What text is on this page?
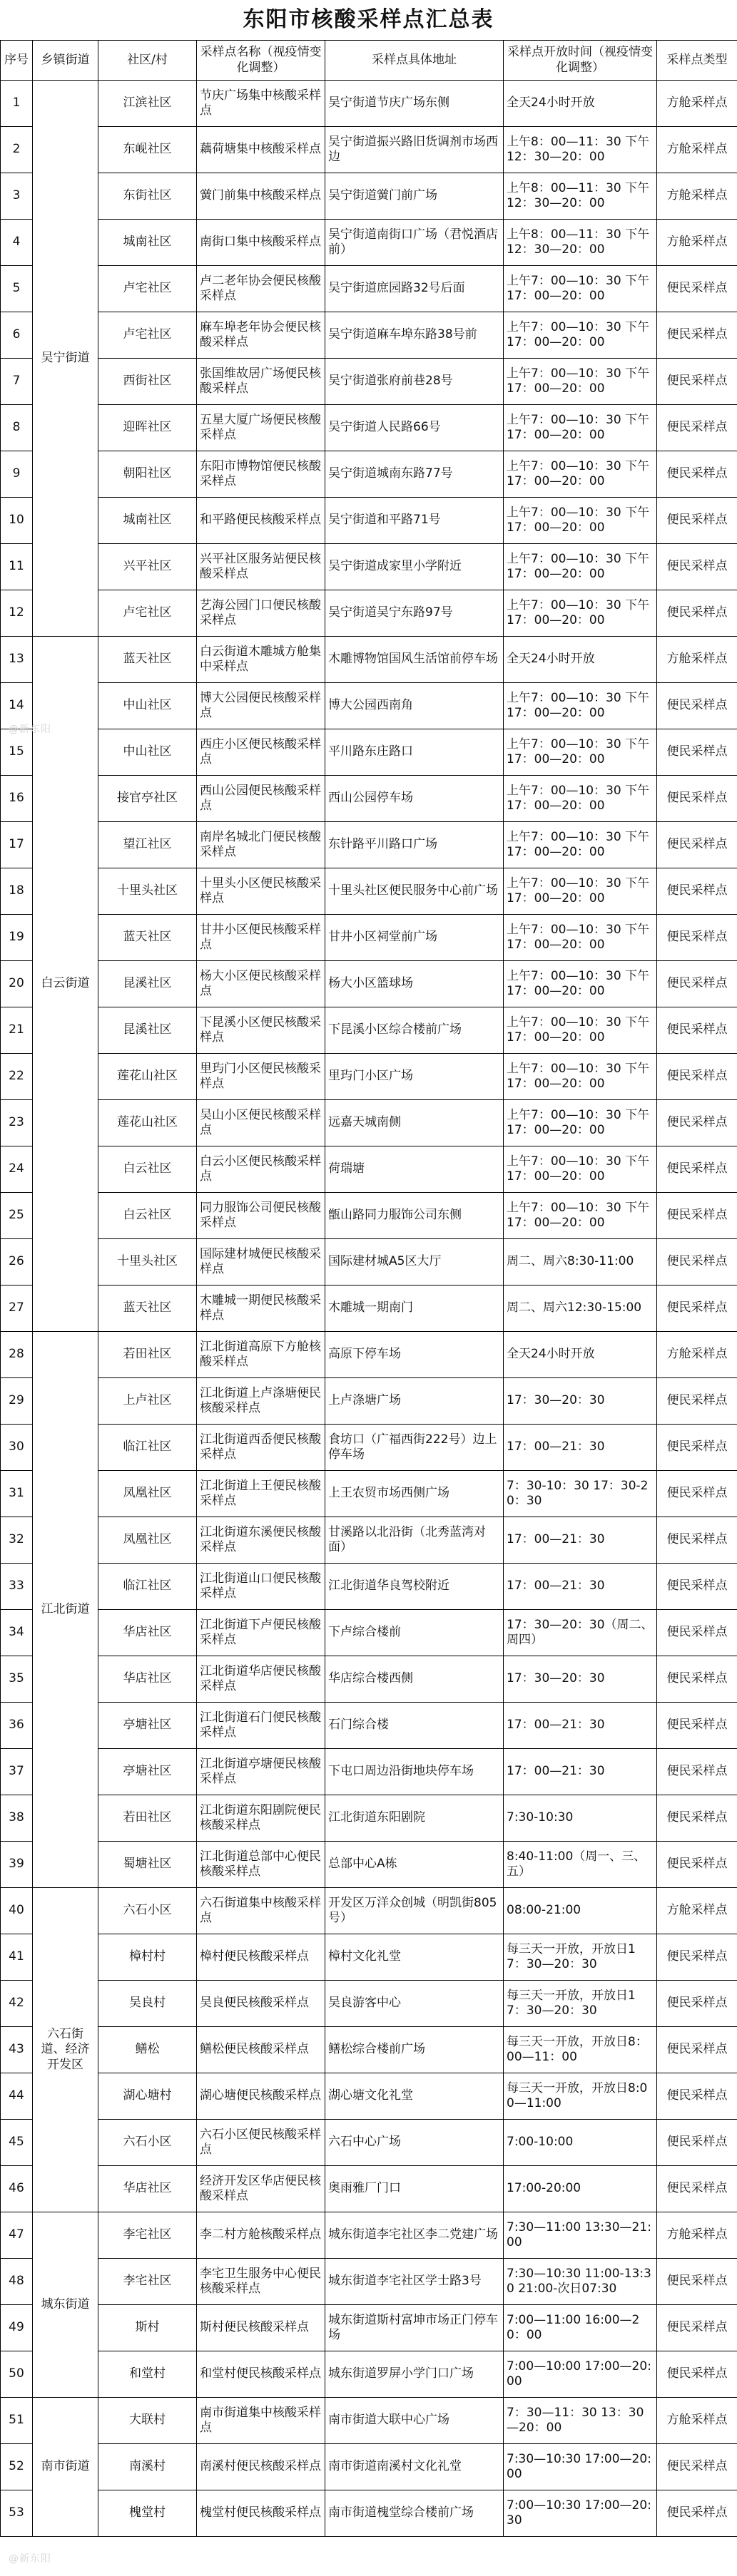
东阳市核酸采样点汇总表
序号	乡镇街道	社区/村	采样点名称（视疫情变化调整）	采样点具体地址	采样点开放时间（视疫情变化调整）	采样点类型
1	吴宁街道	江滨社区	节庆广场集中核酸采样点	吴宁街道节庆广场东侧	全天24小时开放	方舱采样点
2		东岘社区	藕荷塘集中核酸采样点	吴宁街道振兴路旧货调剂市场西边	上午8：00—11：30 下午12：30—20：00	方舱采样点
3		东街社区	黉门前集中核酸采样点	吴宁街道黉门前广场	上午8：00—11：30 下午12：30—20：00	方舱采样点
4		城南社区	南街口集中核酸采样点	吴宁街道南街口广场（君悦酒店前）	上午8：00—11：30 下午12：30—20：00	方舱采样点
5		卢宅社区	卢二老年协会便民核酸采样点	吴宁街道庶园路32号后面	上午7：00—10：30 下午17：00—20：00	便民采样点
6		卢宅社区	麻车埠老年协会便民核酸采样点	吴宁街道麻车埠东路38号前	上午7：00—10：30 下午17：00—20：00	便民采样点
7		西街社区	张国维故居广场便民核酸采样点	吴宁街道张府前巷28号	上午7：00—10：30 下午17：00—20：00	便民采样点
8		迎晖社区	五星大厦广场便民核酸采样点	吴宁街道人民路66号	上午7：00—10：30 下午17：00—20：00	便民采样点
9		朝阳社区	东阳市博物馆便民核酸采样点	吴宁街道城南东路77号	上午7：00—10：30 下午17：00—20：00	便民采样点
10		城南社区	和平路便民核酸采样点	吴宁街道和平路71号	上午7：00—10：30 下午17：00—20：00	便民采样点
11		兴平社区	兴平社区服务站便民核酸采样点	吴宁街道成家里小学附近	上午7：00—10：30 下午17：00—20：00	便民采样点
12		卢宅社区	艺海公园门口便民核酸采样点	吴宁街道吴宁东路97号	上午7：00—10：30 下午17：00—20：00	便民采样点
13	白云街道	蓝天社区	白云街道木雕城方舱集中采样点	木雕博物馆国风生活馆前停车场	全天24小时开放	方舱采样点
14		中山社区	博大公园便民核酸采样点	博大公园西南角	上午7：00—10：30 下午17：00—20：00	便民采样点
15		中山社区	西庄小区便民核酸采样点	平川路东庄路口	上午7：00—10：30 下午17：00—20：00	便民采样点
16		接官亭社区	西山公园便民核酸采样点	西山公园停车场	上午7：00—10：30 下午17：00—20：00	便民采样点
17		望江社区	南岸名城北门便民核酸采样点	东针路平川路口广场	上午7：00—10：30 下午17：00—20：00	便民采样点
18		十里头社区	十里头小区便民核酸采样点	十里头社区便民服务中心前广场	上午7：00—10：30 下午17：00—20：00	便民采样点
19		蓝天社区	甘井小区便民核酸采样点	甘井小区祠堂前广场	上午7：00—10：30 下午17：00—20：00	便民采样点
20		昆溪社区	杨大小区便民核酸采样点	杨大小区篮球场	上午7：00—10：30 下午17：00—20：00	便民采样点
21		昆溪社区	下昆溪小区便民核酸采样点	下昆溪小区综合楼前广场	上午7：00—10：30 下午17：00—20：00	便民采样点
22		莲花山社区	里玙门小区便民核酸采样点	里玙门小区广场	上午7：00—10：30 下午17：00—20：00	便民采样点
23		莲花山社区	吴山小区便民核酸采样点	远嘉天城南侧	上午7：00—10：30 下午17：00—20：00	便民采样点
24		白云社区	白云小区便民核酸采样点	荷瑞塘	上午7：00—10：30 下午17：00—20：00	便民采样点
25		白云社区	同力服饰公司便民核酸采样点	甑山路同力服饰公司东侧	上午7：00—10：30 下午17：00—20：00	便民采样点
26		十里头社区	国际建材城便民核酸采样点	国际建材城A5区大厅	周二、周六8:30-11:00	便民采样点
27		蓝天社区	木雕城一期便民核酸采样点	木雕城一期南门	周二、周六12:30-15:00	便民采样点
28	江北街道	若田社区	江北街道高原下方舱核酸采样点	高原下停车场	全天24小时开放	方舱采样点
29		上卢社区	江北街道上卢涤塘便民核酸采样点	上卢涤塘广场	17：30—20：30	便民采样点
30		临江社区	江北街道西岙便民核酸采样点	食坊口（广福西街222号）边上停车场	17：00—21：30	便民采样点
31		凤凰社区	江北街道上王便民核酸采样点	上王农贸市场西侧广场	7：30-10：30 17：30-20：30	便民采样点
32		凤凰社区	江北街道东溪便民核酸采样点	甘溪路以北沿街（北秀蓝湾对面）	17：00—21：30	便民采样点
33		临江社区	江北街道山口便民核酸采样点	江北街道华良驾校附近	17：00—21：30	便民采样点
34		华店社区	江北街道下卢便民核酸采样点	下卢综合楼前	17：30—20：30（周二、周四）	便民采样点
35		华店社区	江北街道华店便民核酸采样点	华店综合楼西侧	17：30—20：30	便民采样点
36		亭塘社区	江北街道石门便民核酸采样点	石门综合楼	17：00—21：30	便民采样点
37		亭塘社区	江北街道亭塘便民核酸采样点	下屯口周边沿街地块停车场	17：00—21：30	便民采样点
38		若田社区	江北街道东阳剧院便民核酸采样点	江北街道东阳剧院	7:30-10:30	便民采样点
39		蜀塘社区	江北街道总部中心便民核酸采样点	总部中心A栋	8:40-11:00（周一、三、五）	便民采样点
40	六石街道、经济开发区	六石小区	六石街道集中核酸采样点	开发区万洋众创城（明凯街805号）	08:00-21:00	方舱采样点
41		樟村村	樟村便民核酸采样点	樟村文化礼堂	每三天一开放，开放日17：30—20：30	便民采样点
42		吴良村	吴良便民核酸采样点	吴良游客中心	每三天一开放，开放日17：30—20：30	便民采样点
43		鳝松	鳝松便民核酸采样点	鳝松综合楼前广场	每三天一开放，开放日8：00—11：00	便民采样点
44		湖心塘村	湖心塘便民核酸采样点	湖心塘文化礼堂	每三天一开放，开放日8:00—11:00	便民采样点
45		六石小区	六石小区便民核酸采样点	六石中心广场	7:00-10:00	便民采样点
46		华店社区	经济开发区华店便民核酸采样点	奥雨雅厂门口	17:00-20:00	便民采样点
47	城东街道	李宅社区	李二村方舱核酸采样点	城东街道李宅社区李二党建广场	7:30—11:00 13:30—21:00	方舱采样点
48		李宅社区	李宅卫生服务中心便民核酸采样点	城东街道李宅社区学士路3号	7:30—10:30 11:00-13:30 21:00-次日07:30	便民采样点
49		斯村	斯村便民核酸采样点	城东街道斯村富坤市场正门停车场	7:00—11:00 16:00—20：00	便民采样点
50		和堂村	和堂村便民核酸采样点	城东街道罗屏小学门口广场	7:00—10:00 17:00—20:00	便民采样点
51	南市街道	大联村	南市街道集中核酸采样点	南市街道大联中心广场	7：30—11：30 13：30—20：00	方舱采样点
52		南溪村	南溪村便民核酸采样点	南市街道南溪村文化礼堂	7:30—10:30 17:00—20:00	便民采样点
53		槐堂村	槐堂村便民核酸采样点	南市街道槐堂综合楼前广场	7:00—10:30 17:00—20:30	便民采样点
@新东阳
@新东阳
